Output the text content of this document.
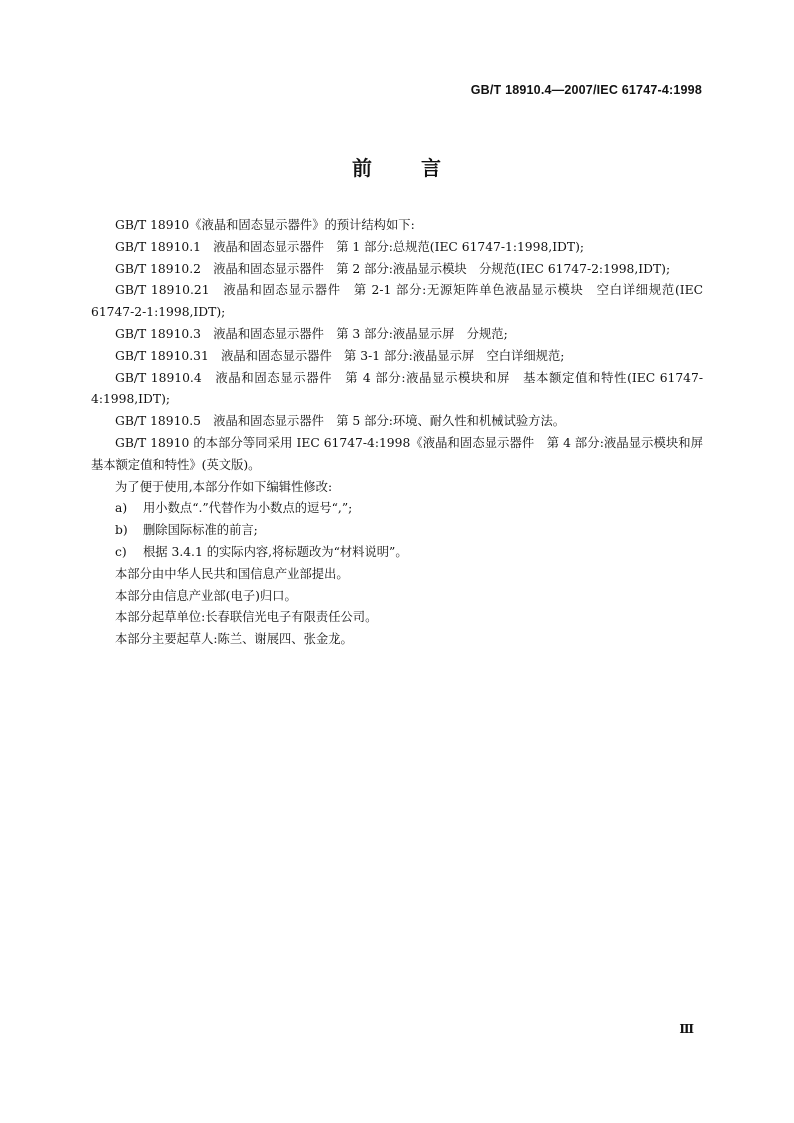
GB/T 18910.4—2007/IEC 61747-4:1998
前 言

GB/T 18910《液晶和固态显示器件》的预计结构如下:

GB/T 18910.1　液晶和固态显示器件　第 1 部分:总规范(IEC 61747-1:1998,IDT);

GB/T 18910.2　液晶和固态显示器件　第 2 部分:液晶显示模块　分规范(IEC 61747-2:1998,IDT);

GB/T 18910.21　液晶和固态显示器件　第 2-1 部分:无源矩阵单色液晶显示模块　空白详细规范(IEC 61747-2-1:1998,IDT);

GB/T 18910.3　液晶和固态显示器件　第 3 部分:液晶显示屏　分规范;

GB/T 18910.31　液晶和固态显示器件　第 3-1 部分:液晶显示屏　空白详细规范;

GB/T 18910.4　液晶和固态显示器件　第 4 部分:液晶显示模块和屏　基本额定值和特性(IEC 61747-4:1998,IDT);

GB/T 18910.5　液晶和固态显示器件　第 5 部分:环境、耐久性和机械试验方法。

GB/T 18910 的本部分等同采用 IEC 61747-4:1998《液晶和固态显示器件　第 4 部分:液晶显示模块和屏　基本额定值和特性》(英文版)。

为了便于使用,本部分作如下编辑性修改:

a) 用小数点“.”代替作为小数点的逗号“,”;

b) 删除国际标准的前言;

c) 根据 3.4.1 的实际内容,将标题改为“材料说明”。

本部分由中华人民共和国信息产业部提出。

本部分由信息产业部(电子)归口。

本部分起草单位:长春联信光电子有限责任公司。

本部分主要起草人:陈兰、谢展四、张金龙。

Ⅲ
